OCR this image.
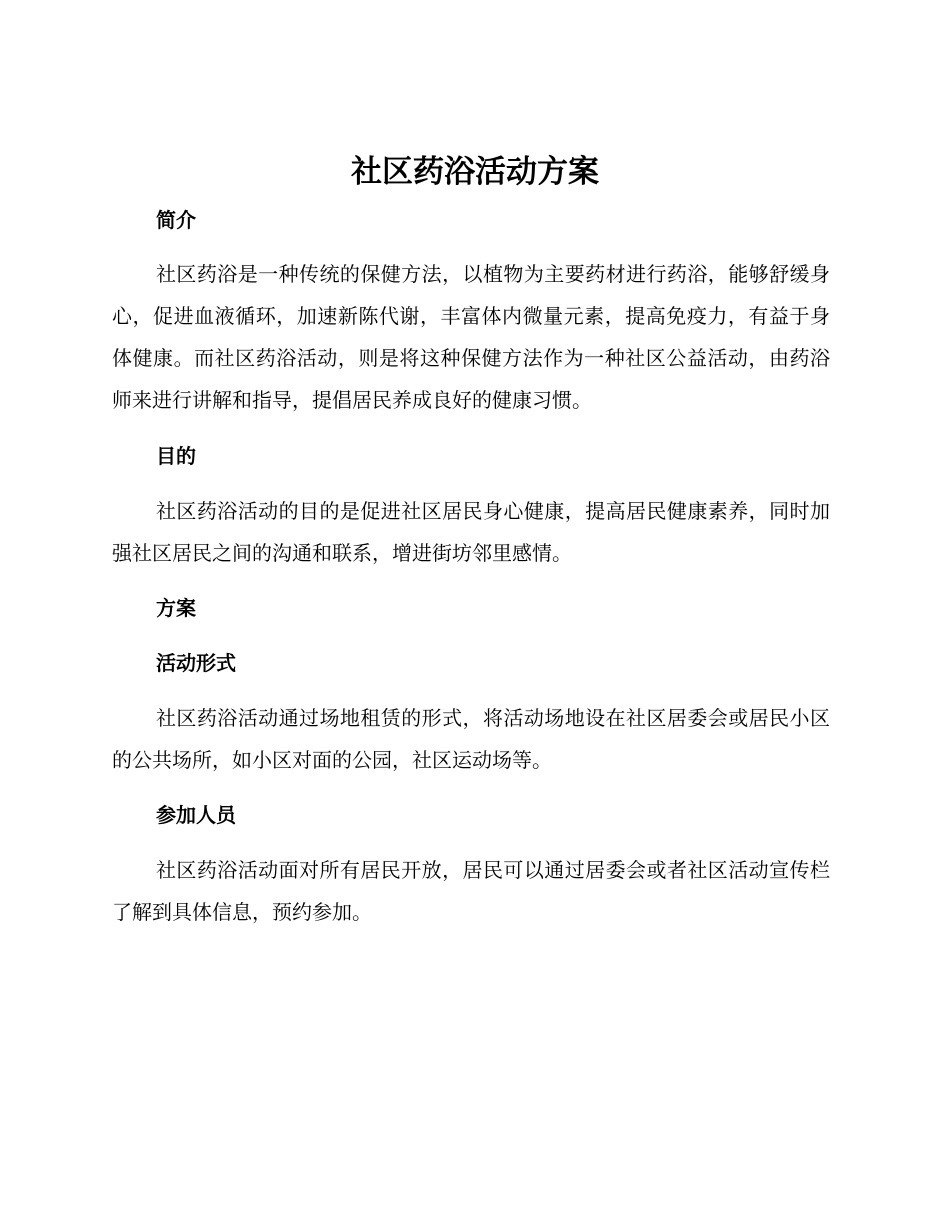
社区药浴活动方案
简介

社区药浴是一种传统的保健方法，以植物为主要药材进行药浴，能够舒缓身心，促进血液循环，加速新陈代谢，丰富体内微量元素，提高免疫力，有益于身体健康。而社区药浴活动，则是将这种保健方法作为一种社区公益活动，由药浴师来进行讲解和指导，提倡居民养成良好的健康习惯。

目的

社区药浴活动的目的是促进社区居民身心健康，提高居民健康素养，同时加强社区居民之间的沟通和联系，增进街坊邻里感情。

方案
活动形式

社区药浴活动通过场地租赁的形式，将活动场地设在社区居委会或居民小区的公共场所，如小区对面的公园，社区运动场等。

参加人员

社区药浴活动面对所有居民开放，居民可以通过居委会或者社区活动宣传栏了解到具体信息，预约参加。
